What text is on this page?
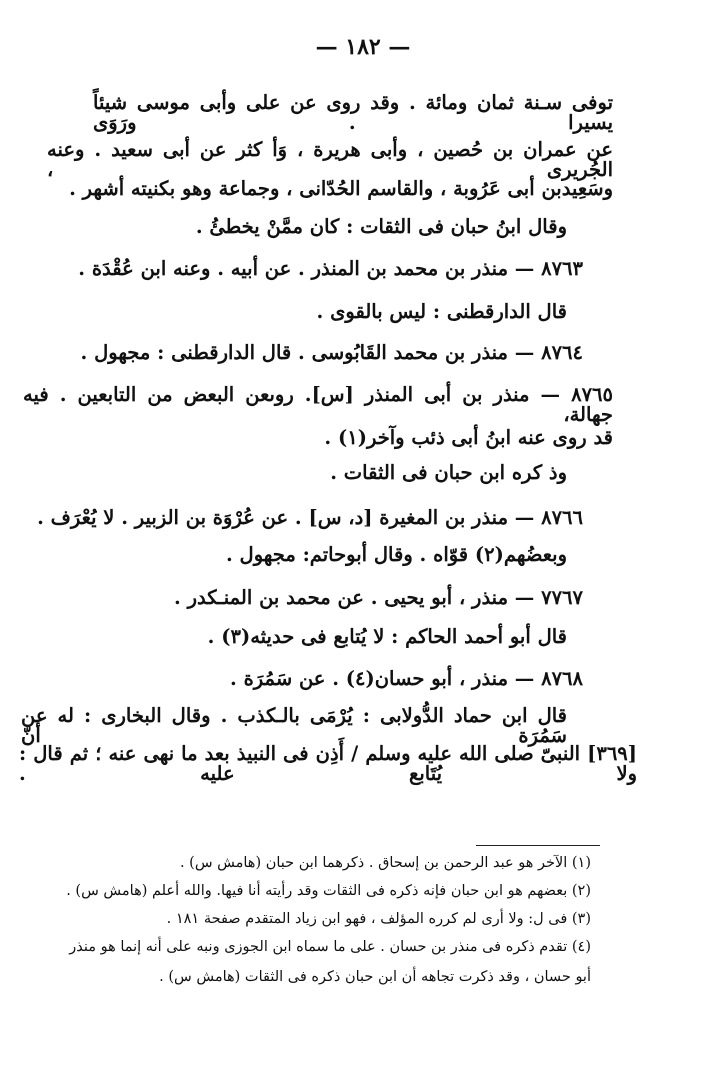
— ١٨٢ —
توفى سـنة ثمان ومائة . وقد روى عن على وأبى موسى شيئاً يسيرا . ورَوَى
عن عمران بن حُصين ، وأبى هريرة ، وَأ كثر عن أبى سعيد . وعنه الجُريرى ،
وسَعِيدبن أبى عَرُوبة ، والقاسم الحُدّانى ، وجماعة وهو بكنيته أشهر .
وقال ابنُ حبان فى الثقات : كان ممَّنْ يخطئُ .
٨٧٦٣ — منذر بن محمد بن المنذر . عن أبيه . وعنه ابن عُقْدَة .
قال الدارقطنى : ليس بالقوى .
٨٧٦٤ — منذر بن محمد القَابُوسى . قال الدارقطنى : مجهول .
٨٧٦٥ — منذر بن أبى المنذر [س]. روىعن البعض من التابعين . فيه جهالة،
قد روى عنه ابنُ أبى ذئب وآخر(١) .
وذ كره ابن حبان فى الثقات .
٨٧٦٦ — منذر بن المغيرة [د، س] . عن عُرْوَة بن الزبير . لا يُعْرَف .
وبعضُهم(٢) قوّاه . وقال أبوحاتم: مجهول .
٧٧٦٧ — منذر ، أبو يحيى . عن محمد بن المنـكدر .
قال أبو أحمد الحاكم : لا يُتابع فى حديثه(٣) .
٨٧٦٨ — منذر ، أبو حسان(٤) . عن سَمُرَة .
قال ابن حماد الدُّولابى : يُرْمَى بالـكذب . وقال البخارى : له عن سَمُرَة أنّ
[٣٦٩] النبىّ صلى الله عليه وسلم / أَذِن فى النبيذ بعد ما نهى عنه ؛ ثم قال : ولا يُتَابع عليه .
(١) الآخر هو عبد الرحمن بن إسحاق . ذكرهما ابن حبان (هامش س) .
(٢) بعضهم هو ابن حبان فإنه ذكره فى الثقات وقد رأيته أنا فيها. والله أعلم (هامش س) .
(٣) فى ل: ولا أرى لم كرره المؤلف ، فهو ابن زياد المتقدم صفحة ١٨١ .
(٤) تقدم ذكره فى منذر بن حسان . على ما سماه ابن الجوزى ونبه على أنه إنما هو منذر
أبو حسان ، وقد ذكرت تجاهه أن ابن حبان ذكره فى الثقات (هامش س) .
